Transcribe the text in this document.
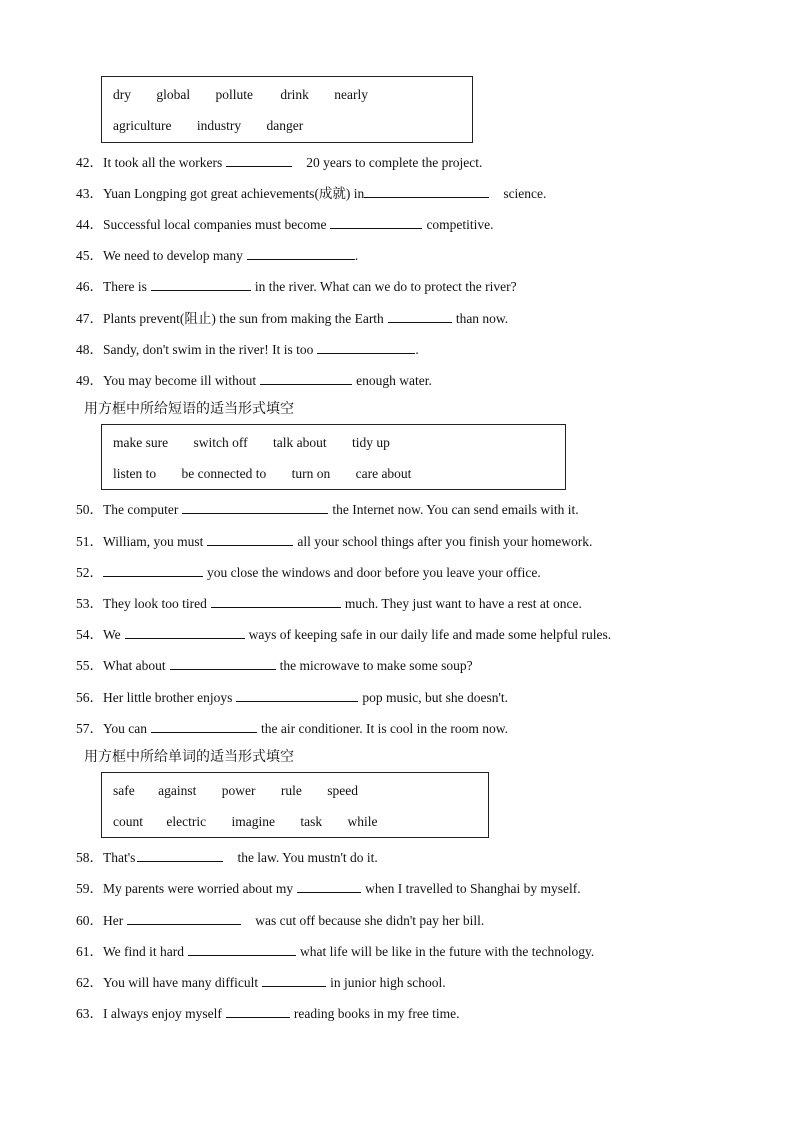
dry global pollute drink nearly
agriculture industry danger
42．It took all the workers	20 years to complete the project.
43．Yuan Longping got great achievements(成就) in	science.
44．Successful local companies must become	competitive.
45．We need to develop many	.
46．There is	in the river. What can we do to protect the river?
47．Plants prevent(阻止) the sun from making the Earth	than now.
48．Sandy, don't swim in the river! It is too	.
49．You may become ill without	enough water.
用方框中所给短语的适当形式填空
make sure switch off talk about tidy up
listen to be connected to turn on care about
50．The computer	the Internet now. You can send emails with it.
51．William, you must	all your school things after you finish your homework.
52．	you close the windows and door before you leave your office.
53．They look too tired	much. They just want to have a rest at once.
54．We	ways of keeping safe in our daily life and made some helpful rules.
55．What about	the microwave to make some soup?
56．Her little brother enjoys	pop music, but she doesn't.
57．You can	the air conditioner. It is cool in the room now.
用方框中所给单词的适当形式填空
safe against power rule speed
count electric imagine task while
58．That's	the law. You mustn't do it.
59．My parents were worried about my	when I travelled to Shanghai by myself.
60．Her	was cut off because she didn't pay her bill.
61．We find it hard	what life will be like in the future with the technology.
62．You will have many difficult	in junior high school.
63．I always enjoy myself	reading books in my free time.
